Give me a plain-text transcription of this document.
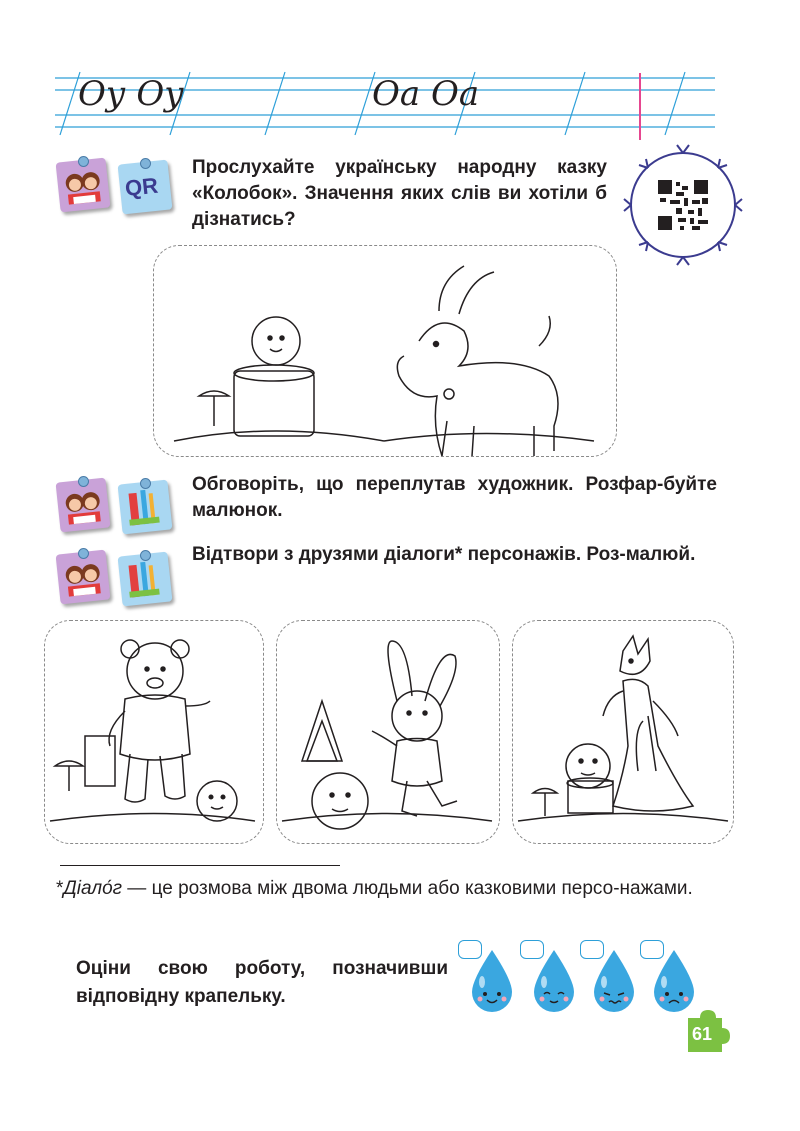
Оу Оу	Оа Оа
QR
Прослухайте українську народну казку «Колобок». Значення яких слів ви хотіли б дізнатись?
Обговоріть, що переплутав художник. Розфар-буйте малюнок.
Відтвори з друзями діалоги* персонажів. Роз-малюй.
*Діало́г — це розмова між двома людьми або казковими персо-нажами.
Оціни свою роботу, позначивши відповідну крапельку.
61
